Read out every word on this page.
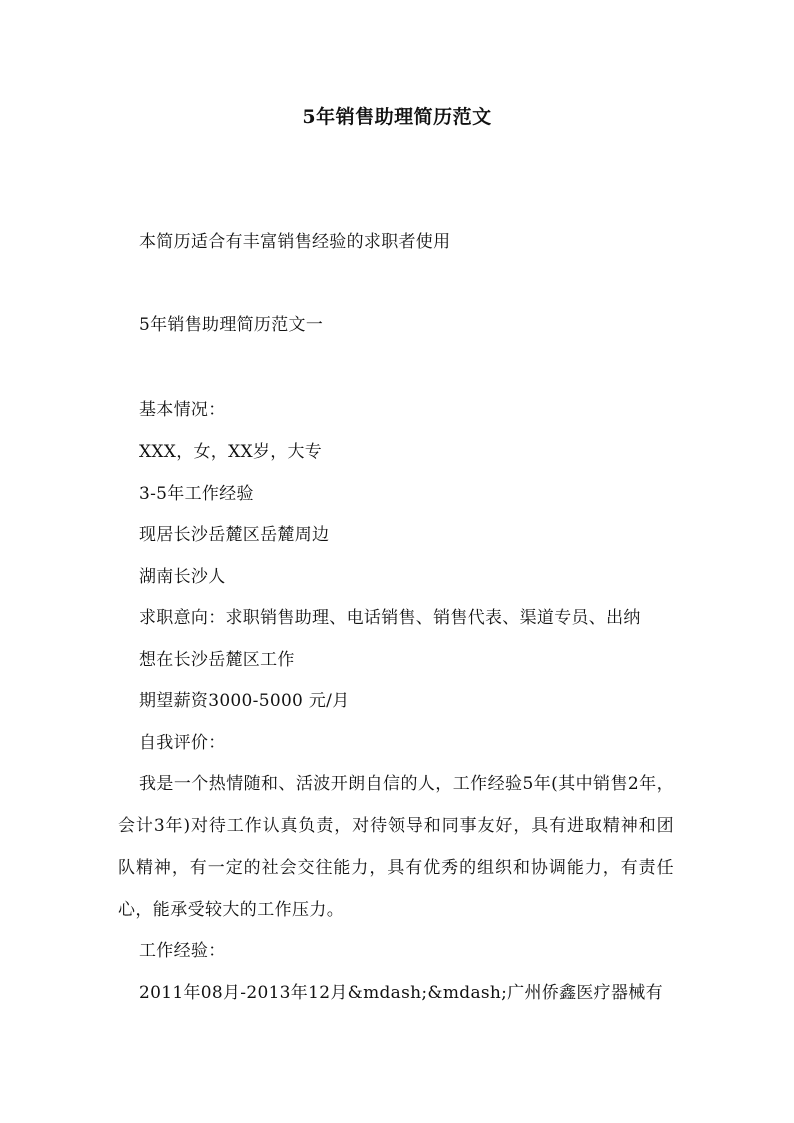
5年销售助理简历范文
本简历适合有丰富销售经验的求职者使用
5年销售助理简历范文一
基本情况：
XXX，女，XX岁，大专
3-5年工作经验
现居长沙岳麓区岳麓周边
湖南长沙人
求职意向：求职销售助理、电话销售、销售代表、渠道专员、出纳
想在长沙岳麓区工作
期望薪资3000-5000 元/月
自我评价：
我是一个热情随和、活波开朗自信的人，工作经验5年(其中销售2年，会计3年)对待工作认真负责，对待领导和同事友好，具有进取精神和团队精神，有一定的社会交往能力，具有优秀的组织和协调能力，有责任心，能承受较大的工作压力。
工作经验：
2011年08月-2013年12月&mdash;&mdash;广州侨鑫医疗器械有
